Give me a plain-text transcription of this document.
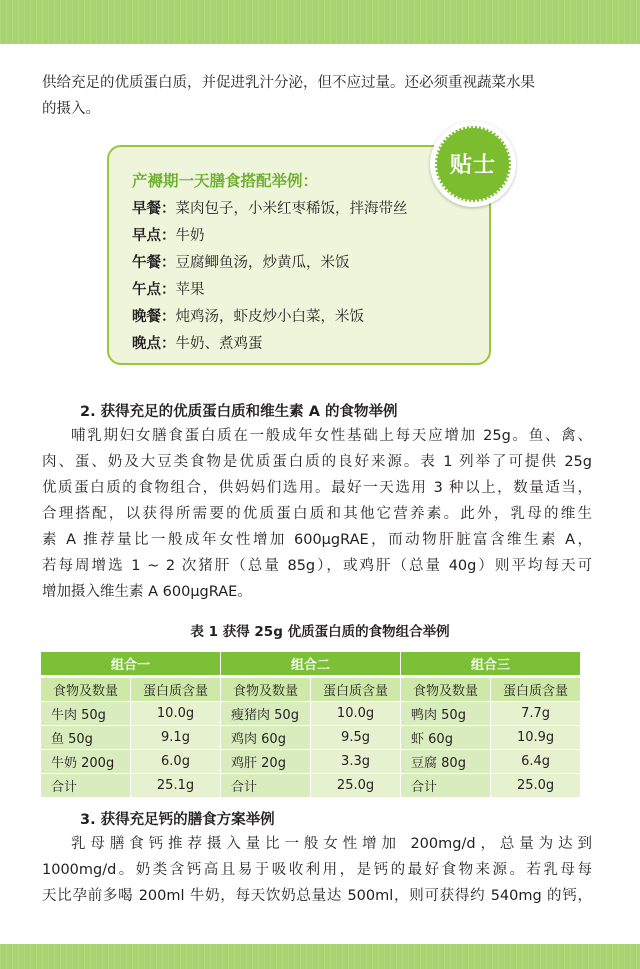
供给充足的优质蛋白质，并促进乳汁分泌，但不应过量。还必须重视蔬菜水果
的摄入。
产褥期一天膳食搭配举例：
早餐：菜肉包子，小米红枣稀饭，拌海带丝
早点：牛奶
午餐：豆腐鲫鱼汤，炒黄瓜，米饭
午点：苹果
晚餐：炖鸡汤，虾皮炒小白菜，米饭
晚点：牛奶、煮鸡蛋
贴士
2. 获得充足的优质蛋白质和维生素 A 的食物举例
哺乳期妇女膳食蛋白质在一般成年女性基础上每天应增加 25g。鱼、禽、
肉、蛋、奶及大豆类食物是优质蛋白质的良好来源。表 1 列举了可提供 25g
优质蛋白质的食物组合，供妈妈们选用。最好一天选用 3 种以上，数量适当，
合理搭配，以获得所需要的优质蛋白质和其他它营养素。此外，乳母的维生
素 A 推荐量比一般成年女性增加 600μgRAE，而动物肝脏富含维生素 A，
若每周增选 1 ~ 2 次猪肝（总量 85g），或鸡肝（总量 40g）则平均每天可
增加摄入维生素 A 600μgRAE。
表 1 获得 25g 优质蛋白质的食物组合举例
组合一		组合二		组合三	
食物及数量	蛋白质含量	食物及数量	蛋白质含量	食物及数量	蛋白质含量
牛肉 50g	10.0g	瘦猪肉 50g	10.0g	鸭肉 50g	7.7g
鱼 50g	9.1g	鸡肉 60g	9.5g	虾 60g	10.9g
牛奶 200g	6.0g	鸡肝 20g	3.3g	豆腐 80g	6.4g
合计	25.1g	合计	25.0g	合计	25.0g
3. 获得充足钙的膳食方案举例
乳母膳食钙推荐摄入量比一般女性增加 200mg/d，总量为达到
1000mg/d。奶类含钙高且易于吸收利用，是钙的最好食物来源。若乳母每
天比孕前多喝 200ml 牛奶，每天饮奶总量达 500ml，则可获得约 540mg 的钙，
